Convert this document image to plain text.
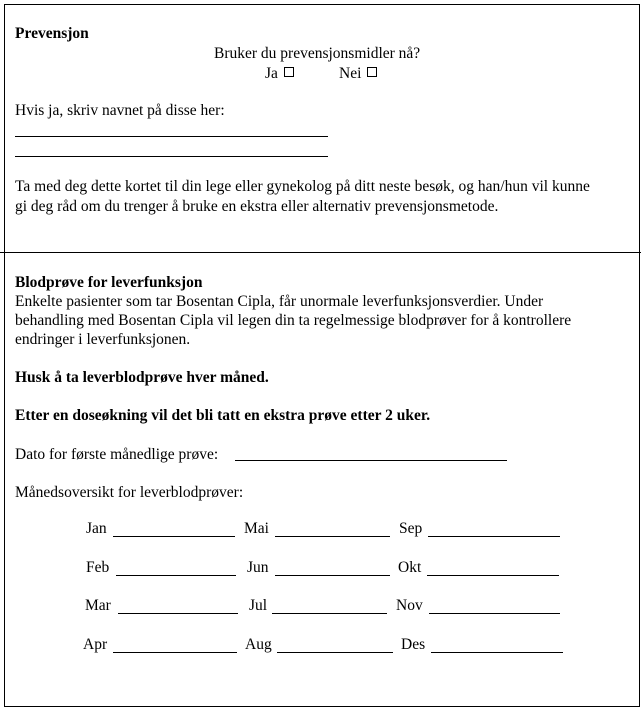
Prevensjon
Bruker du prevensjonsmidler nå?
Ja	Nei
Hvis ja, skriv navnet på disse her:
Ta med deg dette kortet til din lege eller gynekolog på ditt neste besøk, og han/hun vil kunne
gi deg råd om du trenger å bruke en ekstra eller alternativ prevensjonsmetode.
Blodprøve for leverfunksjon
Enkelte pasienter som tar Bosentan Cipla, får unormale leverfunksjonsverdier. Under
behandling med Bosentan Cipla vil legen din ta regelmessige blodprøver for å kontrollere
endringer i leverfunksjonen.
Husk å ta leverblodprøve hver måned.
Etter en doseøkning vil det bli tatt en ekstra prøve etter 2 uker.
Dato for første månedlige prøve:
Månedsoversikt for leverblodprøver:
Jan
Feb
Mar
Apr
Mai
Jun
Jul
Aug
Sep
Okt
Nov
Des
